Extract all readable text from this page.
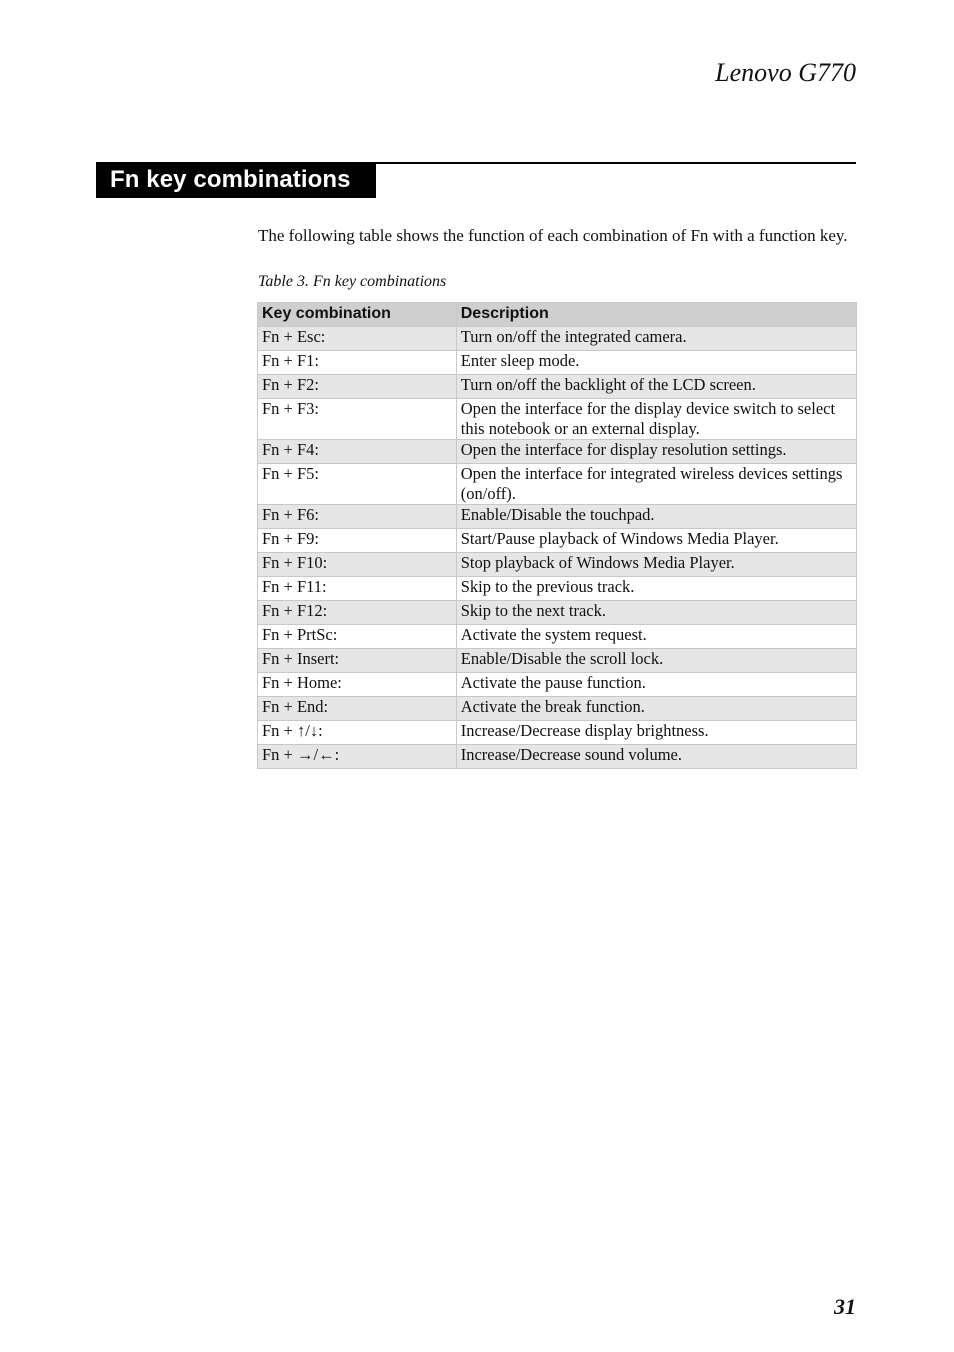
Lenovo G770
Fn key combinations

The following table shows the function of each combination of Fn with a function key.

Table 3. Fn key combinations

Key combination	Description
Fn + Esc:	Turn on/off the integrated camera.
Fn + F1:	Enter sleep mode.
Fn + F2:	Turn on/off the backlight of the LCD screen.
Fn + F3:	Open the interface for the display device switch to select this notebook or an external display.
Fn + F4:	Open the interface for display resolution settings.
Fn + F5:	Open the interface for integrated wireless devices settings (on/off).
Fn + F6:	Enable/Disable the touchpad.
Fn + F9:	Start/Pause playback of Windows Media Player.
Fn + F10:	Stop playback of Windows Media Player.
Fn + F11:	Skip to the previous track.
Fn + F12:	Skip to the next track.
Fn + PrtSc:	Activate the system request.
Fn + Insert:	Enable/Disable the scroll lock.
Fn + Home:	Activate the pause function.
Fn + End:	Activate the break function.
Fn + ↑/↓:	Increase/Decrease display brightness.
Fn + →/←:	Increase/Decrease sound volume.
31
